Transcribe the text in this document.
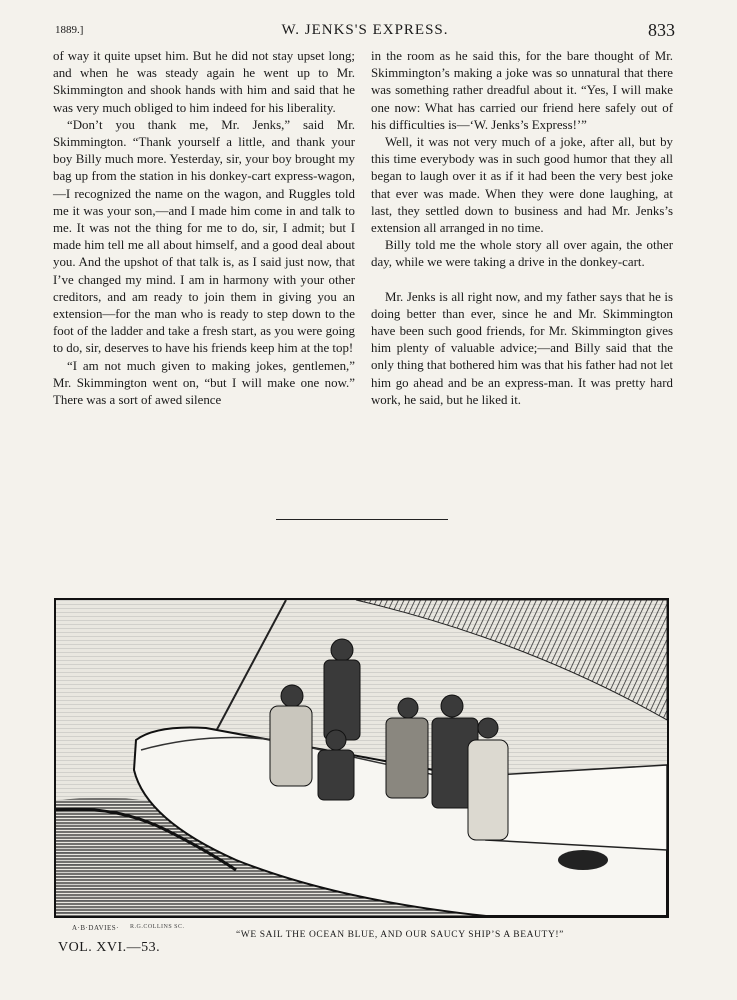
1889.]	W. JENKS'S EXPRESS.	833

of way it quite upset him. But he did not stay upset long; and when he was steady again he went up to Mr. Skimmington and shook hands with him and said that he was very much obliged to him indeed for his liberality.

“Don’t you thank me, Mr. Jenks,” said Mr. Skimmington. “Thank yourself a little, and thank your boy Billy much more. Yesterday, sir, your boy brought my bag up from the station in his donkey-cart express-wagon,—I recognized the name on the wagon, and Ruggles told me it was your son,—and I made him come in and talk to me. It was not the thing for me to do, sir, I admit; but I made him tell me all about himself, and a good deal about you. And the upshot of that talk is, as I said just now, that I’ve changed my mind. I am in harmony with your other creditors, and am ready to join them in giving you an extension—for the man who is ready to step down to the foot of the ladder and take a fresh start, as you were going to do, sir, deserves to have his friends keep him at the top!

“I am not much given to making jokes, gentlemen,” Mr. Skimmington went on, “but I will make one now.” There was a sort of awed silence

in the room as he said this, for the bare thought of Mr. Skimmington’s making a joke was so unnatural that there was something rather dreadful about it. “Yes, I will make one now: What has carried our friend here safely out of his difficulties is—‘W. Jenks’s Express!’”

Well, it was not very much of a joke, after all, but by this time everybody was in such good humor that they all began to laugh over it as if it had been the very best joke that ever was made. When they were done laughing, at last, they settled down to business and had Mr. Jenks’s extension all arranged in no time.

Billy told me the whole story all over again, the other day, while we were taking a drive in the donkey-cart.

Mr. Jenks is all right now, and my father says that he is doing better than ever, since he and Mr. Skimmington have been such good friends, for Mr. Skimmington gives him plenty of valuable advice;—and Billy said that the only thing that bothered him was that his father had not let him go ahead and be an express-man. It was pretty hard work, he said, but he liked it.

A·B·DAVIES· R.G.COLLINS SC.
“WE SAIL THE OCEAN BLUE, AND OUR SAUCY SHIP’S A BEAUTY!”
VOL. XVI.—53.
